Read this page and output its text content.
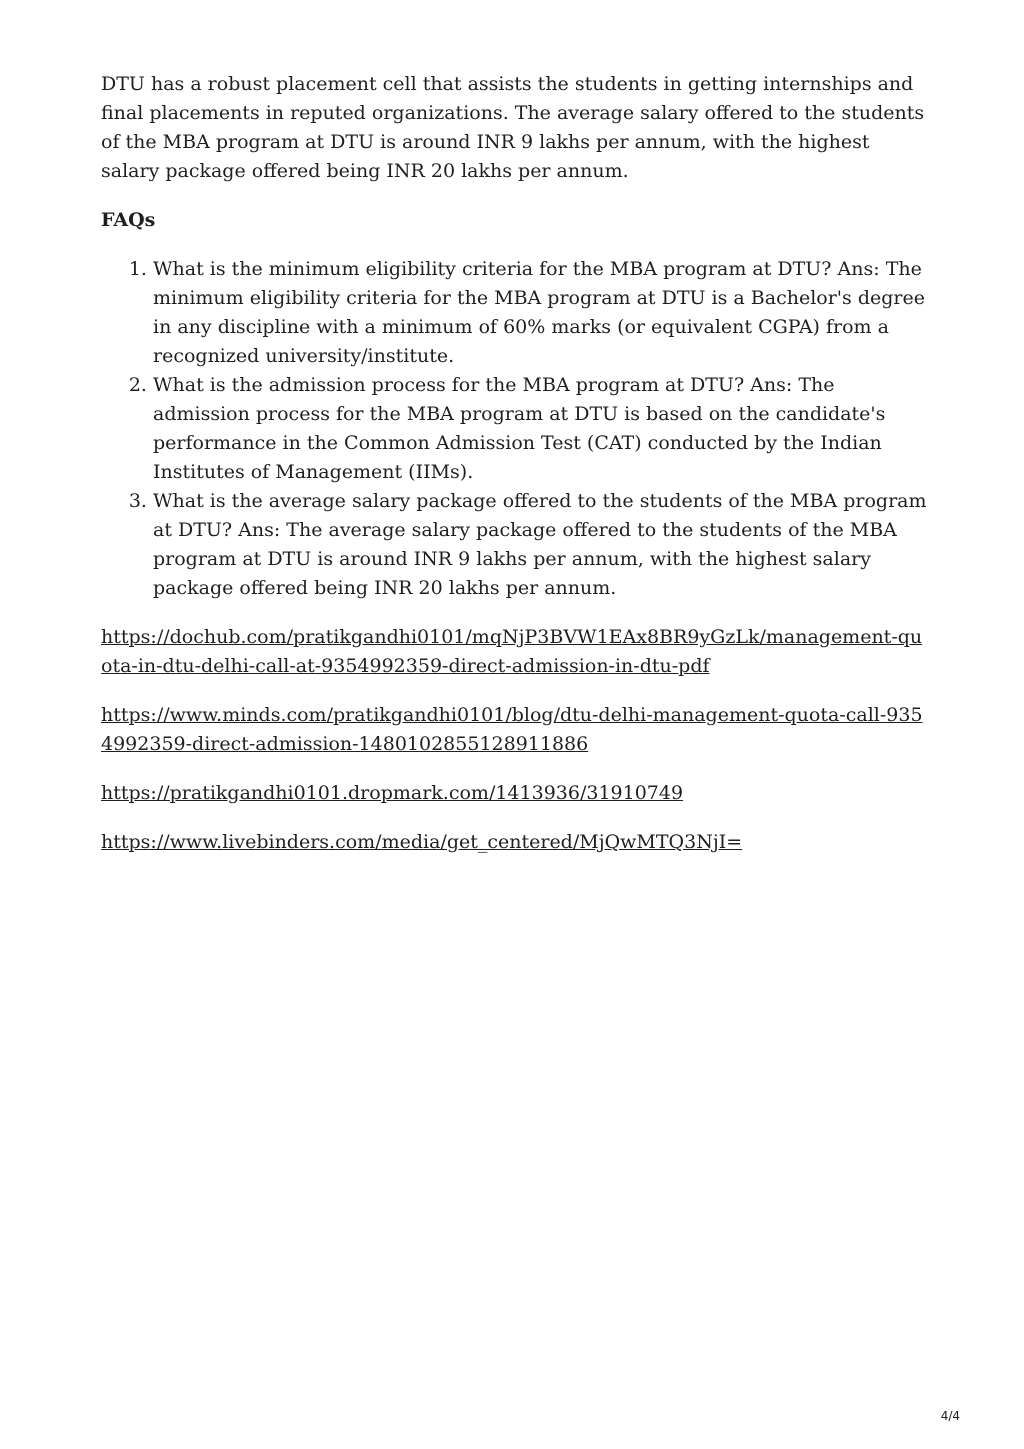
DTU has a robust placement cell that assists the students in getting internships and final placements in reputed organizations. The average salary offered to the students of the MBA program at DTU is around INR 9 lakhs per annum, with the highest salary package offered being INR 20 lakhs per annum.

FAQs
1. What is the minimum eligibility criteria for the MBA program at DTU? Ans: The minimum eligibility criteria for the MBA program at DTU is a Bachelor's degree in any discipline with a minimum of 60% marks (or equivalent CGPA) from a recognized university/institute.
2. What is the admission process for the MBA program at DTU? Ans: The admission process for the MBA program at DTU is based on the candidate's performance in the Common Admission Test (CAT) conducted by the Indian Institutes of Management (IIMs).
3. What is the average salary package offered to the students of the MBA program at DTU? Ans: The average salary package offered to the students of the MBA program at DTU is around INR 9 lakhs per annum, with the highest salary package offered being INR 20 lakhs per annum.
https://dochub.com/pratikgandhi0101/mqNjP3BVW1EAx8BR9yGzLk/management-quota-in-dtu-delhi-call-at-9354992359-direct-admission-in-dtu-pdf
https://www.minds.com/pratikgandhi0101/blog/dtu-delhi-management-quota-call-9354992359-direct-admission-1480102855128911886
https://pratikgandhi0101.dropmark.com/1413936/31910749
https://www.livebinders.com/media/get_centered/MjQwMTQ3NjI=
4/4
